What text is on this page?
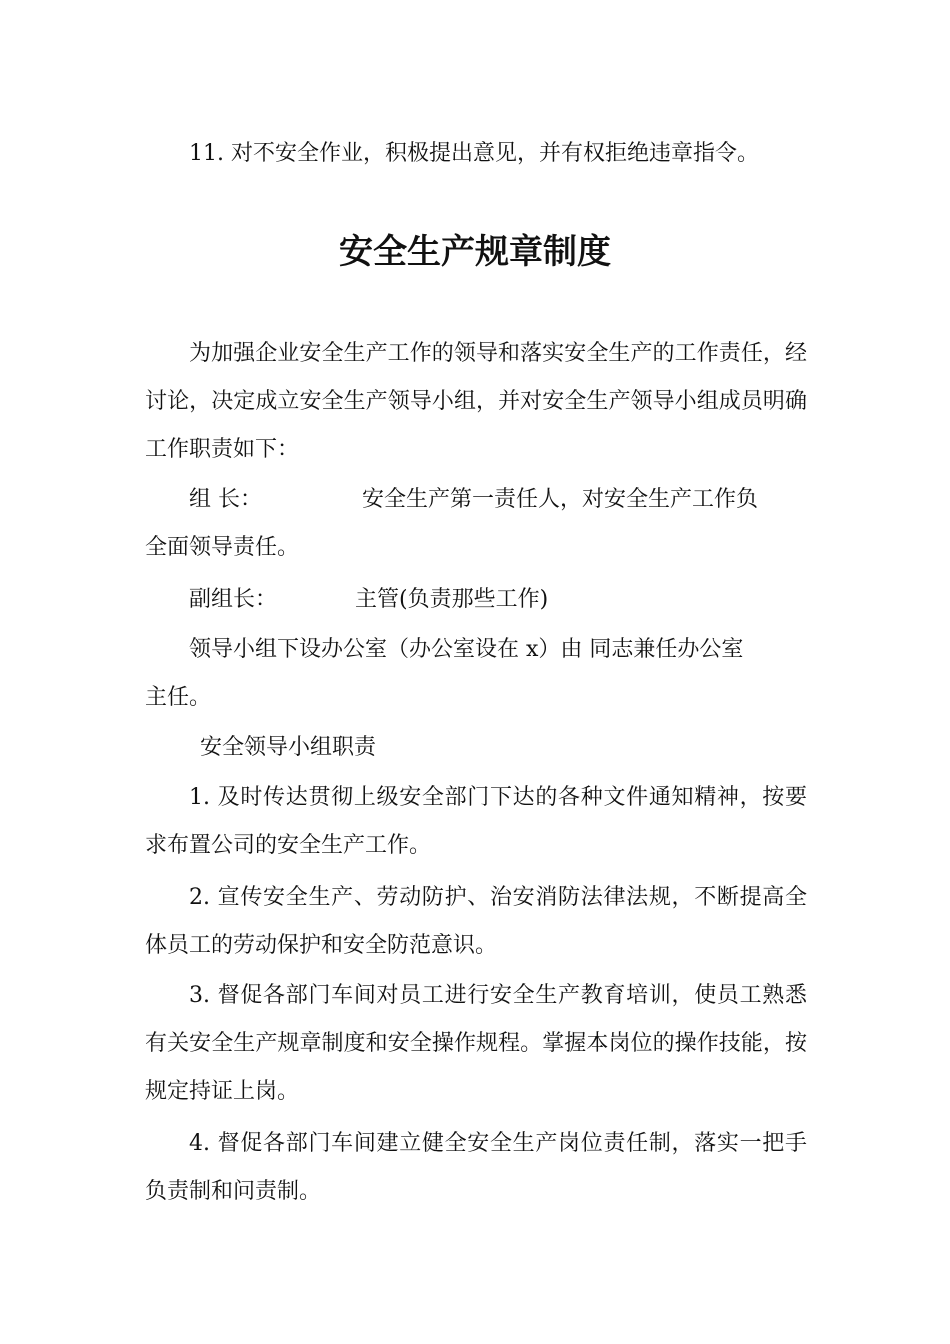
11. 对不安全作业，积极提出意见，并有权拒绝违章指令。

安全生产规章制度

为加强企业安全生产工作的领导和落实安全生产的工作责任，经讨论，决定成立安全生产领导小组，并对安全生产领导小组成员明确工作职责如下：

组 长：	安全生产第一责任人，对安全生产工作负

全面领导责任。

副组长：	主管(负责那些工作)

领导小组下设办公室（办公室设在 x）由 同志兼任办公室

主任。

安全领导小组职责

1. 及时传达贯彻上级安全部门下达的各种文件通知精神，按要求布置公司的安全生产工作。

2. 宣传安全生产、劳动防护、治安消防法律法规，不断提高全体员工的劳动保护和安全防范意识。

3. 督促各部门车间对员工进行安全生产教育培训，使员工熟悉有关安全生产规章制度和安全操作规程。掌握本岗位的操作技能，按规定持证上岗。

4. 督促各部门车间建立健全安全生产岗位责任制，落实一把手负责制和问责制。
